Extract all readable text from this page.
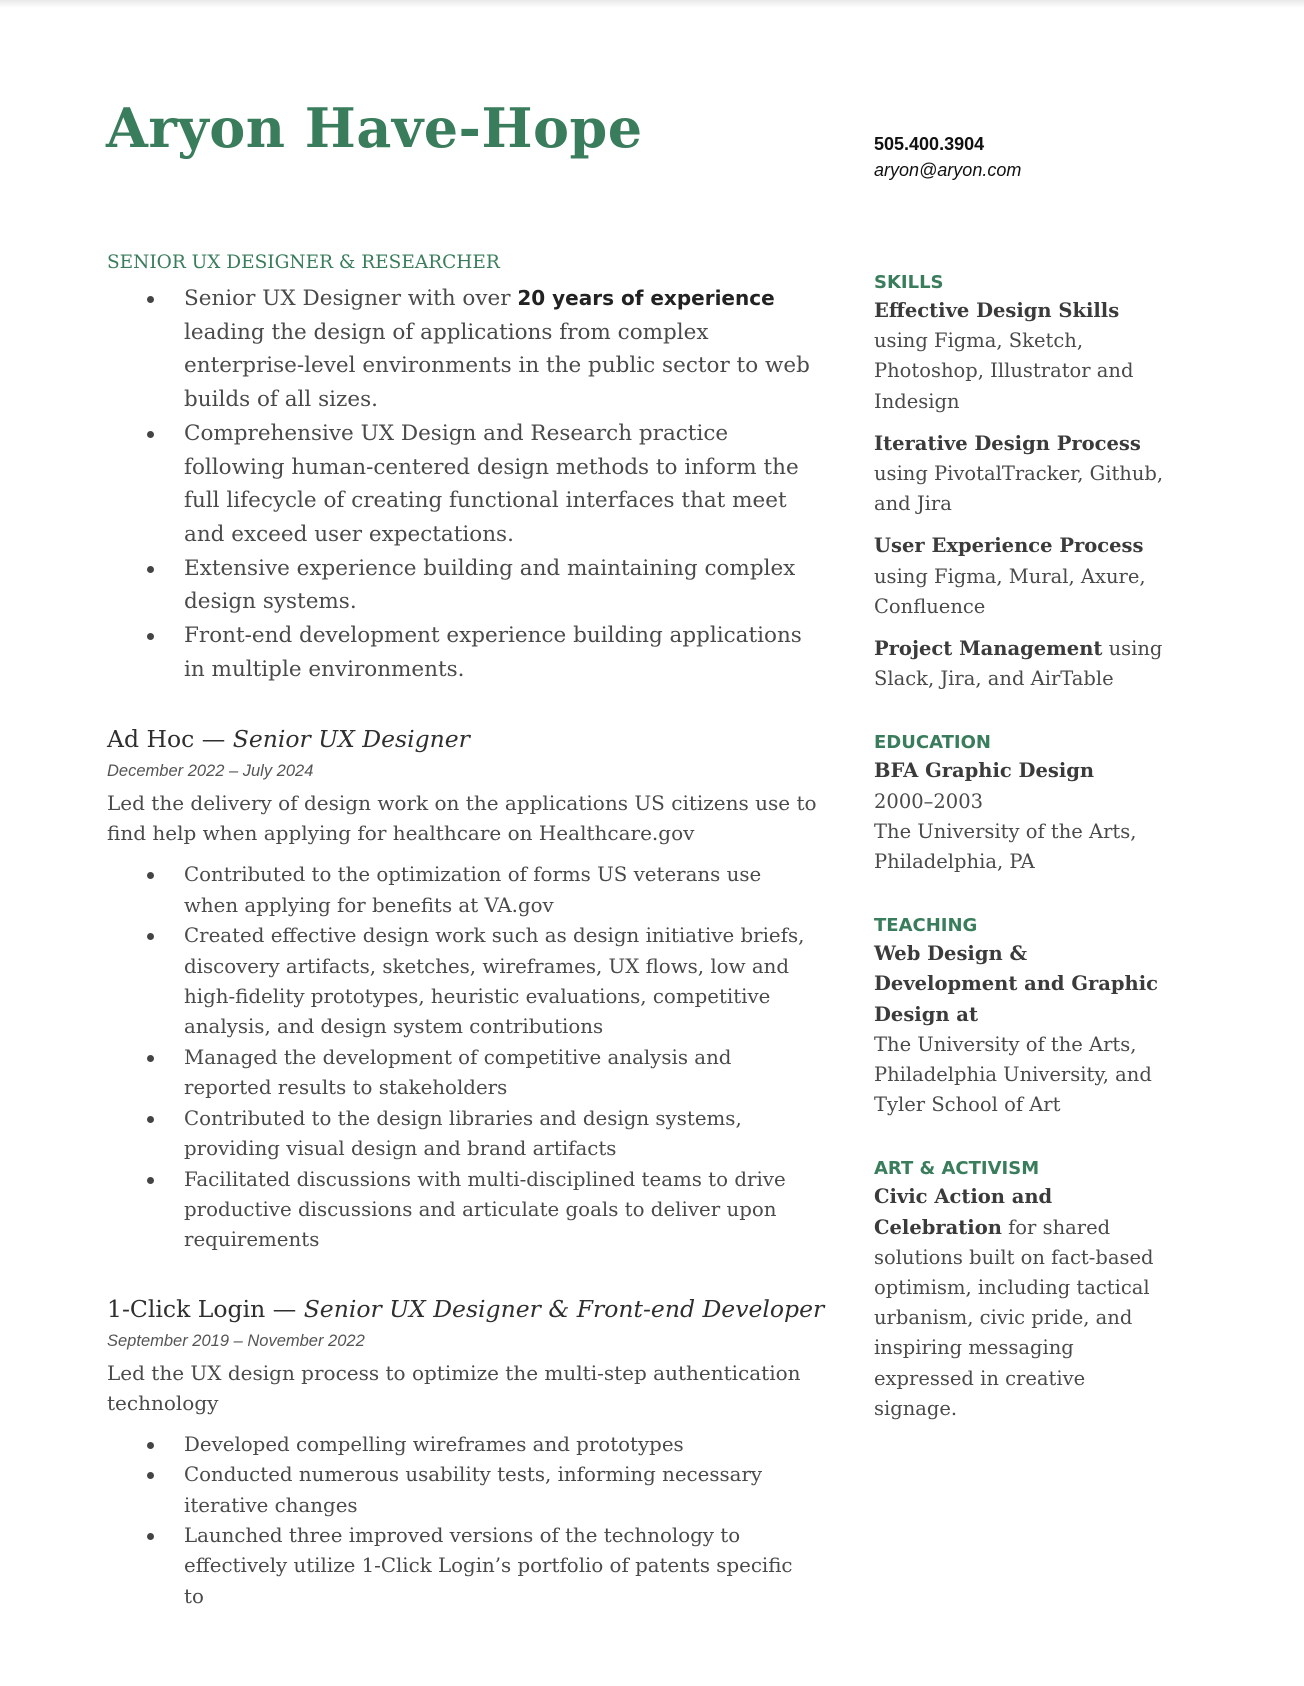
Aryon Have-Hope	505.400.3904
aryon@aryon.com
SENIOR UX DESIGNER & RESEARCHER
Senior UX Designer with over 20 years of experience leading the design of applications from complex enterprise-level environments in the public sector to web builds of all sizes.
Comprehensive UX Design and Research practice following human-centered design methods to inform the full lifecycle of creating functional interfaces that meet and exceed user expectations.
Extensive experience building and maintaining complex design systems.
Front-end development experience building applications in multiple environments.
Ad Hoc — Senior UX Designer
December 2022 – July 2024
Led the delivery of design work on the applications US citizens use to find help when applying for healthcare on Healthcare.gov
Contributed to the optimization of forms US veterans use when applying for benefits at VA.gov
Created effective design work such as design initiative briefs, discovery artifacts, sketches, wireframes, UX flows, low and high-fidelity prototypes, heuristic evaluations, competitive analysis, and design system contributions
Managed the development of competitive analysis and reported results to stakeholders
Contributed to the design libraries and design systems, providing visual design and brand artifacts
Facilitated discussions with multi-disciplined teams to drive productive discussions and articulate goals to deliver upon requirements
1-Click Login — Senior UX Designer & Front-end Developer
September 2019 – November 2022
Led the UX design process to optimize the multi-step authentication technology
Developed compelling wireframes and prototypes
Conducted numerous usability tests, informing necessary iterative changes
Launched three improved versions of the technology to effectively utilize 1-Click Login’s portfolio of patents specific to
SKILLS
Effective Design Skills using Figma, Sketch, Photoshop, Illustrator and Indesign
Iterative Design Process using PivotalTracker, Github, and Jira
User Experience Process using Figma, Mural, Axure, Confluence
Project Management using Slack, Jira, and AirTable
EDUCATION
BFA Graphic Design
2000–2003
The University of the Arts, Philadelphia, PA
TEACHING
Web Design & Development and Graphic Design at
The University of the Arts, Philadelphia University, and Tyler School of Art
ART & ACTIVISM
Civic Action and Celebration for shared solutions built on fact-based optimism, including tactical urbanism, civic pride, and inspiring messaging expressed in creative signage.
